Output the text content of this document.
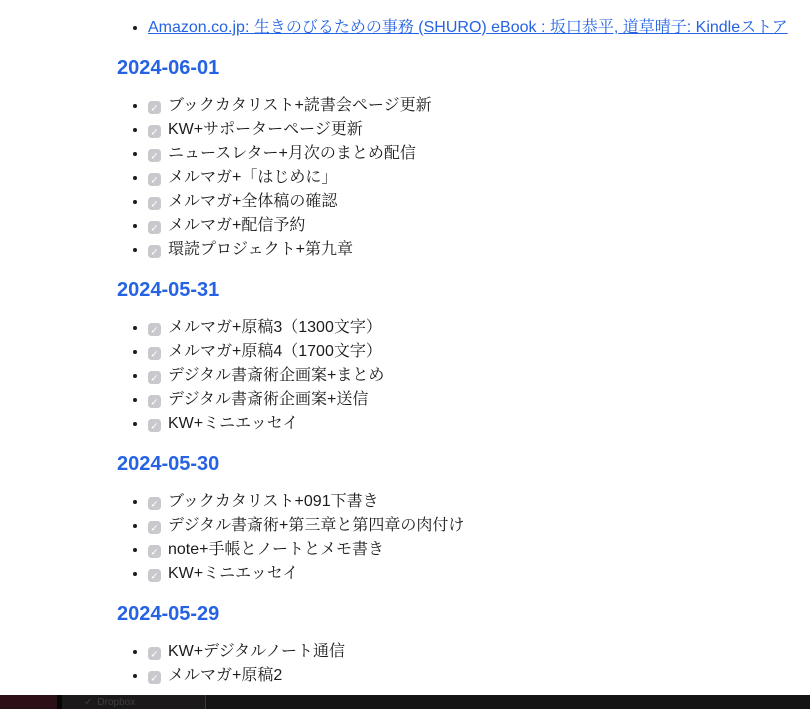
• Amazon.co.jp: 生きのびるための事務 (SHURO) eBook : 坂口恭平, 道草晴子: Kindleストア
2024-06-01
• ✓ ブックカタリスト+読書会ページ更新
• ✓ KW+サポーターページ更新
• ✓ ニュースレター+月次のまとめ配信
• ✓ メルマガ+「はじめに」
• ✓ メルマガ+全体稿の確認
• ✓ メルマガ+配信予約
• ✓ 環読プロジェクト+第九章
2024-05-31
• ✓ メルマガ+原稿3（1300文字）
• ✓ メルマガ+原稿4（1700文字）
• ✓ デジタル書斎術企画案+まとめ
• ✓ デジタル書斎術企画案+送信
• ✓ KW+ミニエッセイ
2024-05-30
• ✓ ブックカタリスト+091下書き
• ✓ デジタル書斎術+第三章と第四章の肉付け
• ✓ note+手帳とノートとメモ書き
• ✓ KW+ミニエッセイ
2024-05-29
• ✓ KW+デジタルノート通信
• ✓ メルマガ+原稿2
✓ Dropbox
